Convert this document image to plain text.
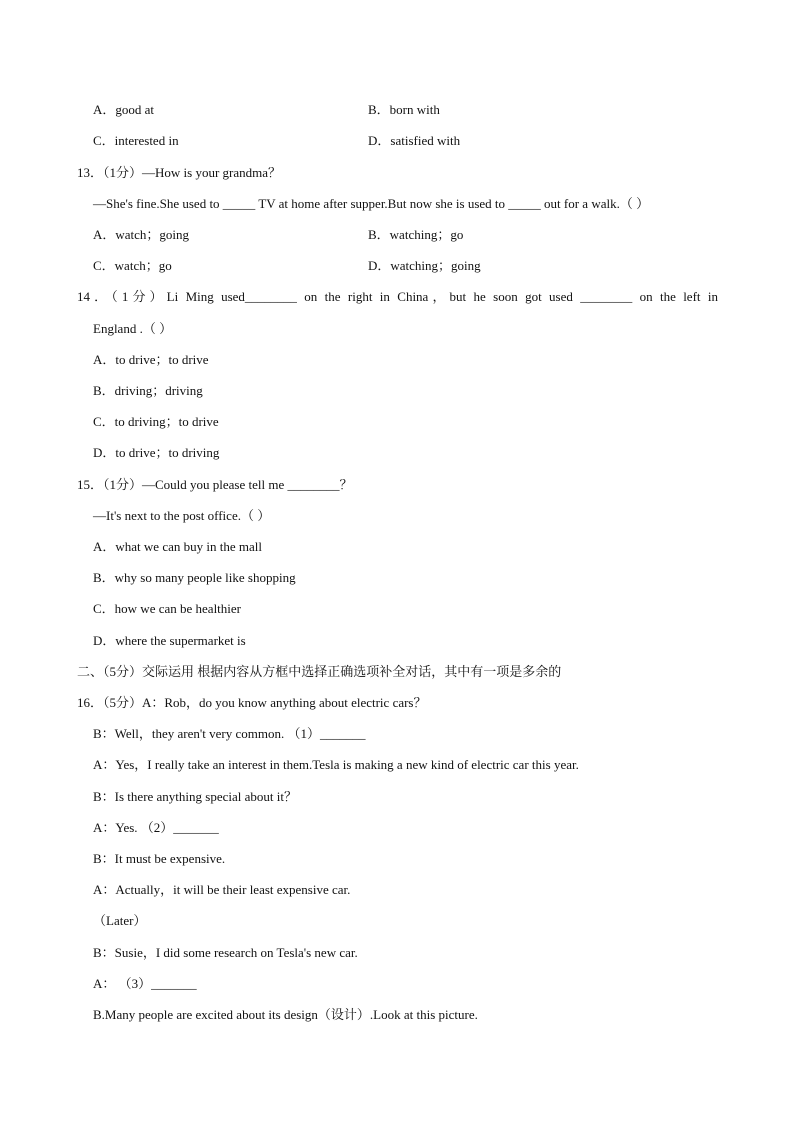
A．good at	B．born with
C．interested in	D．satisfied with
13．（1分）—How is your grandma？
—She's fine.She used to _____ TV at home after supper.But now she is used to _____ out for a walk.（ ）
A．watch；going	B．watching；go
C．watch；go	D．watching；going
14．（1分）Li Ming used________ on the right in China，but he soon got used ________ on the left in
England .（ ）
A．to drive；to drive
B．driving；driving
C．to driving；to drive
D．to drive；to driving
15．（1分）—Could you please tell me ________？
—It's next to the post office.（ ）
A．what we can buy in the mall
B．why so many people like shopping
C．how we can be healthier
D．where the supermarket is
二、（5分）交际运用 根据内容从方框中选择正确选项补全对话，其中有一项是多余的
16．（5分）A：Rob，do you know anything about electric cars？
B：Well，they aren't very common. （1）_______
A：Yes，I really take an interest in them.Tesla is making a new kind of electric car this year.
B：Is there anything special about it？
A：Yes. （2）_______
B：It must be expensive.
A：Actually，it will be their least expensive car.
（Later）
B：Susie，I did some research on Tesla's new car.
A： （3）_______
B.Many people are excited about its design（设计）.Look at this picture.
